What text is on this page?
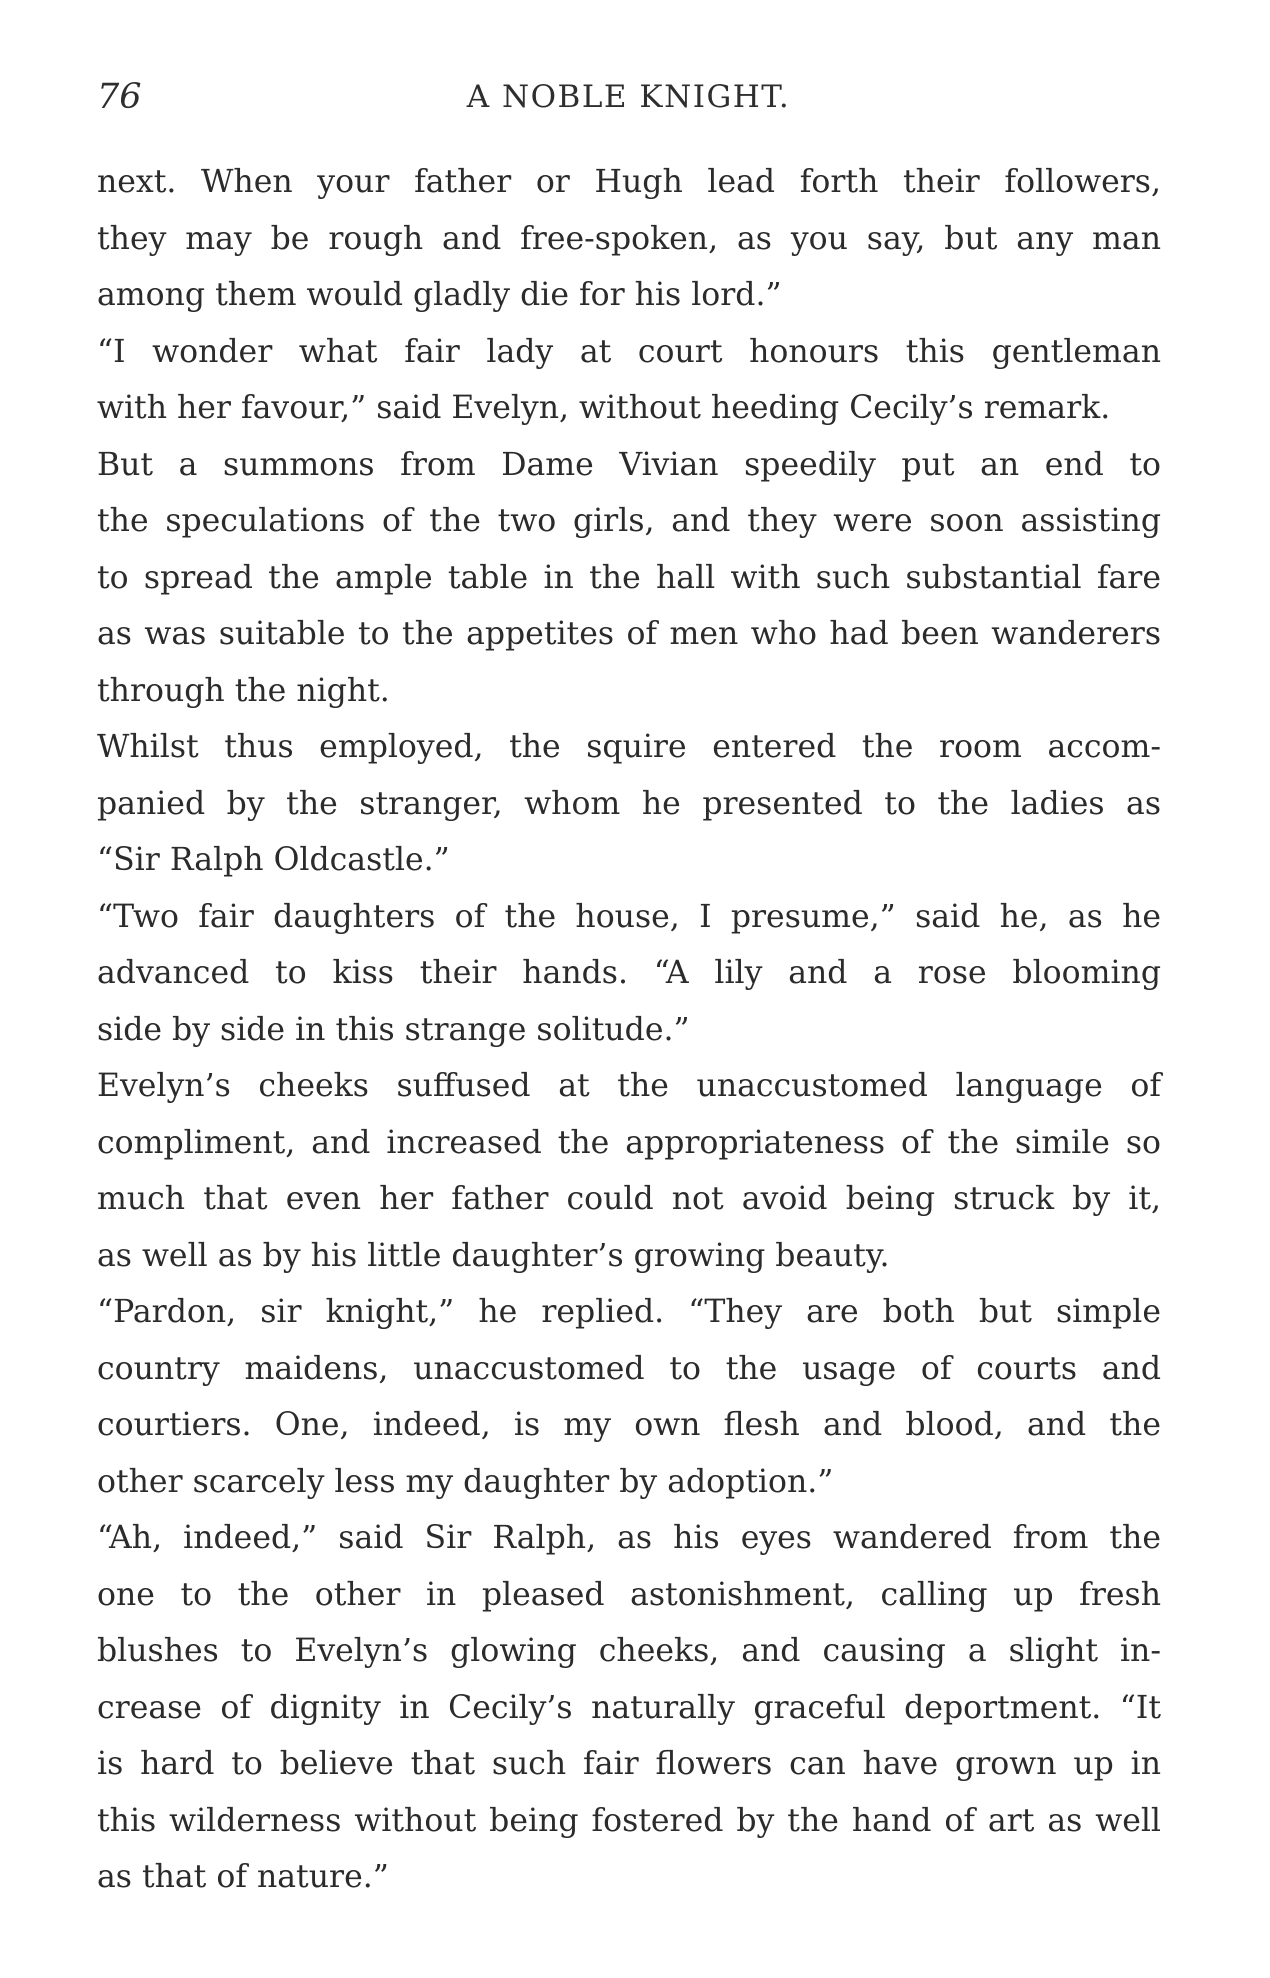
76	A NOBLE KNIGHT.
next. When your father or Hugh lead forth their followers,
they may be rough and free-spoken, as you say, but any man
among them would gladly die for his lord.”
“I wonder what fair lady at court honours this gentleman
with her favour,” said Evelyn, without heeding Cecily’s remark.
But a summons from Dame Vivian speedily put an end to
the speculations of the two girls, and they were soon assisting
to spread the ample table in the hall with such substantial fare
as was suitable to the appetites of men who had been wanderers
through the night.
Whilst thus employed, the squire entered the room accom-
panied by the stranger, whom he presented to the ladies as
“Sir Ralph Oldcastle.”
“Two fair daughters of the house, I presume,” said he, as he
advanced to kiss their hands. “A lily and a rose blooming
side by side in this strange solitude.”
Evelyn’s cheeks suffused at the unaccustomed language of
compliment, and increased the appropriateness of the simile so
much that even her father could not avoid being struck by it,
as well as by his little daughter’s growing beauty.
“Pardon, sir knight,” he replied. “They are both but simple
country maidens, unaccustomed to the usage of courts and
courtiers. One, indeed, is my own flesh and blood, and the
other scarcely less my daughter by adoption.”
“Ah, indeed,” said Sir Ralph, as his eyes wandered from the
one to the other in pleased astonishment, calling up fresh
blushes to Evelyn’s glowing cheeks, and causing a slight in-
crease of dignity in Cecily’s naturally graceful deportment. “It
is hard to believe that such fair flowers can have grown up in
this wilderness without being fostered by the hand of art as well
as that of nature.”
